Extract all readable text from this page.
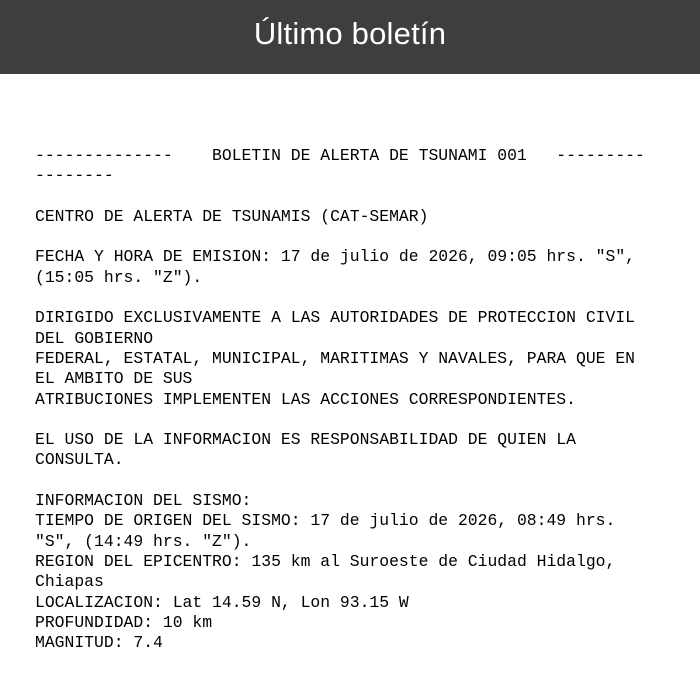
Último boletín
--------------    BOLETIN DE ALERTA DE TSUNAMI 001   ---------
--------
CENTRO DE ALERTA DE TSUNAMIS (CAT-SEMAR)
FECHA Y HORA DE EMISION: 17 de julio de 2026, 09:05 hrs. "S",
(15:05 hrs. "Z").
DIRIGIDO EXCLUSIVAMENTE A LAS AUTORIDADES DE PROTECCION CIVIL
DEL GOBIERNO
FEDERAL, ESTATAL, MUNICIPAL, MARITIMAS Y NAVALES, PARA QUE EN
EL AMBITO DE SUS
ATRIBUCIONES IMPLEMENTEN LAS ACCIONES CORRESPONDIENTES.
EL USO DE LA INFORMACION ES RESPONSABILIDAD DE QUIEN LA
CONSULTA.
INFORMACION DEL SISMO:
TIEMPO DE ORIGEN DEL SISMO: 17 de julio de 2026, 08:49 hrs.
"S", (14:49 hrs. "Z").
REGION DEL EPICENTRO: 135 km al Suroeste de Ciudad Hidalgo,
Chiapas
LOCALIZACION: Lat 14.59 N, Lon 93.15 W
PROFUNDIDAD: 10 km
MAGNITUD: 7.4
